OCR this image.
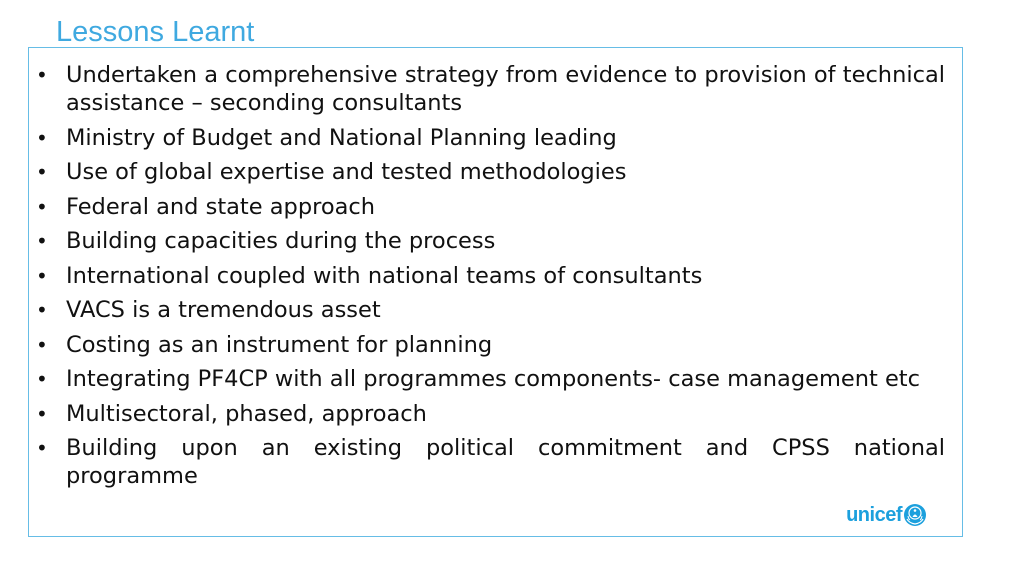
Lessons Learnt
• Undertaken a comprehensive strategy from evidence to provision of technical assistance – seconding consultants
• Ministry of Budget and National Planning leading
• Use of global expertise and tested methodologies
• Federal and state approach
• Building capacities during the process
• International coupled with national teams of consultants
• VACS is a tremendous asset
• Costing as an instrument for planning
• Integrating PF4CP with all programmes components- case management etc
• Multisectoral, phased, approach
• Building upon an existing political commitment and CPSS national programme
unicef
